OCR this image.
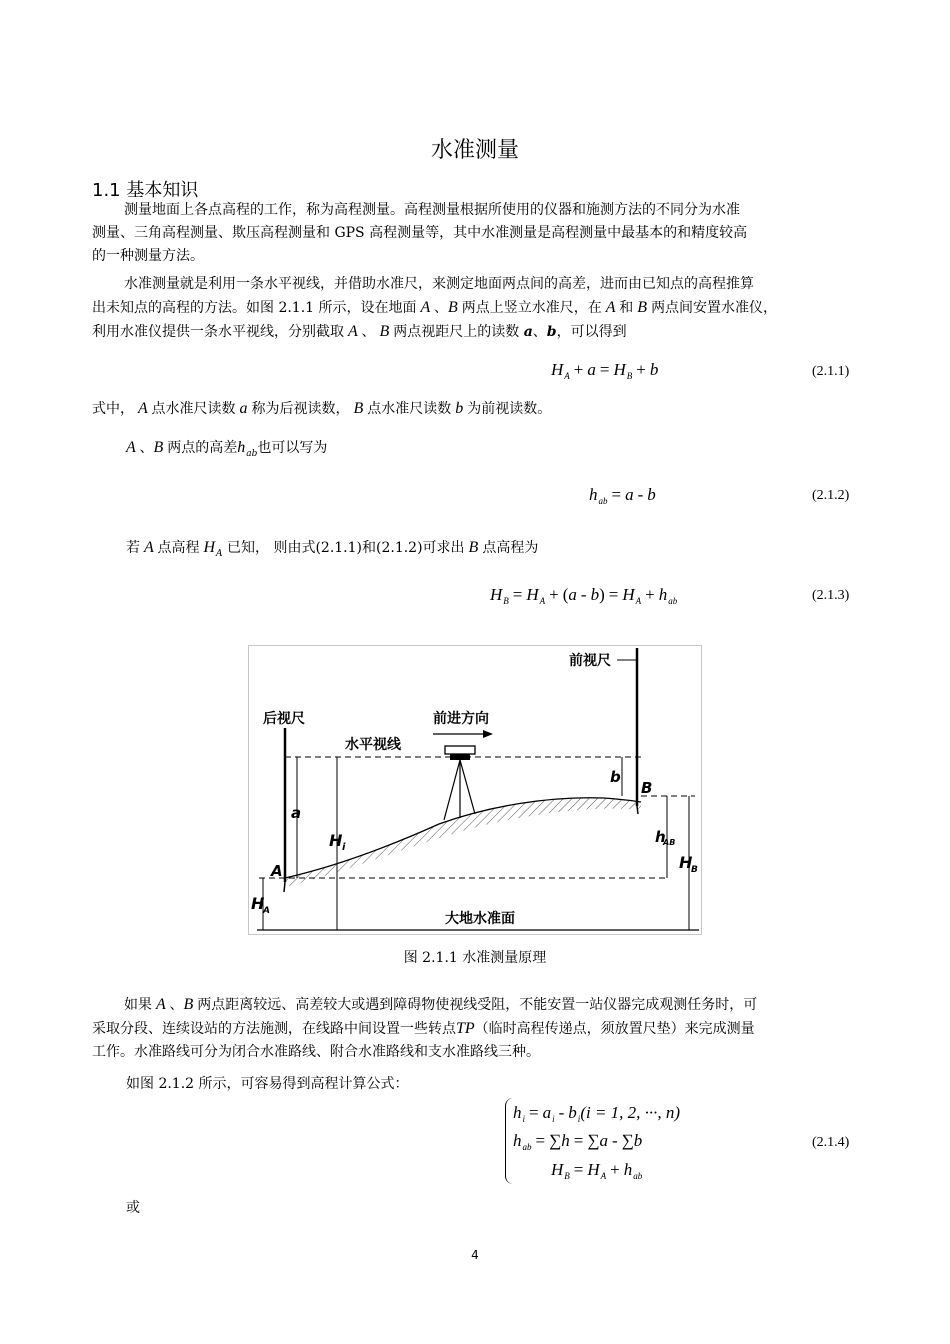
水准测量
1.1 基本知识
测量地面上各点高程的工作，称为高程测量。高程测量根据所使用的仪器和施测方法的不同分为水准
测量、三角高程测量、欺压高程测量和 GPS 高程测量等，其中水准测量是高程测量中最基本的和精度较高
的一种测量方法。
水准测量就是利用一条水平视线，并借助水准尺，来测定地面两点间的高差，进而由已知点的高程推算
出未知点的高程的方法。如图 2.1.1 所示，设在地面 A 、B 两点上竖立水准尺，在 A 和 B 两点间安置水准仪，
利用水准仪提供一条水平视线，分别截取 A 、 B 两点视距尺上的读数 a、b，可以得到
$H_A + a = H_B + b$	(2.1.1)
式中， A 点水准尺读数 a 称为后视读数， B 点水准尺读数 b 为前视读数。
A 、B 两点的高差$h_{ab}$也可以写为
$h_{ab} = a - b$	(2.1.2)
若 A 点高程 $H_A$ 已知， 则由式(2.1.1)和(2.1.2)可求出 B 点高程为
$H_B = H_A + (a - b) = H_A + h_{ab}$	(2.1.3)
前视尺
后视尺	前进方向
水平视线
大地水准面
a
b
A
B
H i
H
A
H
B
h
AB
图 2.1.1 水准测量原理
如果 A 、B 两点距离较远、高差较大或遇到障碍物使视线受阻，不能安置一站仪器完成观测任务时，可
采取分段、连续设站的方法施测，在线路中间设置一些转点TP（临时高程传递点，须放置尺垫）来完成测量
工作。水准路线可分为闭合水准路线、附合水准路线和支水准路线三种。
如图 2.1.2 所示，可容易得到高程计算公式：
$h_i = a_i - b_i(i = 1$, 2, ···, n)
$h_{ab} = \sum h = \sum a - \sum b$
$H_B = H_A + h_{ab}$
(2.1.4)
或
4
